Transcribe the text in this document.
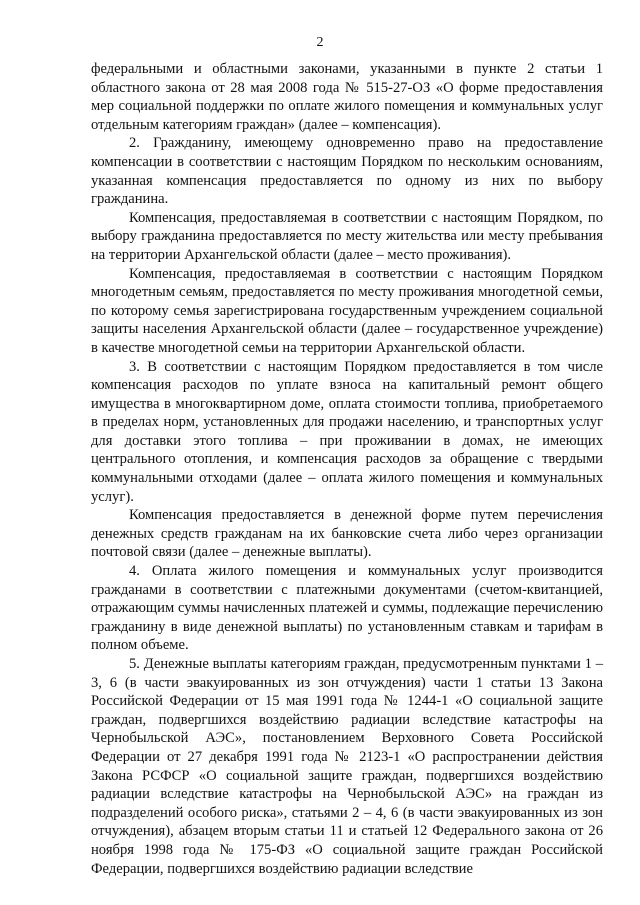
2

федеральными и областными законами, указанными в пункте 2 статьи 1 областного закона от 28 мая 2008 года № 515-27-ОЗ «О форме предоставления мер социальной поддержки по оплате жилого помещения и коммунальных услуг отдельным категориям граждан» (далее – компенсация).

2. Гражданину, имеющему одновременно право на предоставление компенсации в соответствии с настоящим Порядком по нескольким основаниям, указанная компенсация предоставляется по одному из них по выбору гражданина.

Компенсация, предоставляемая в соответствии с настоящим Порядком, по выбору гражданина предоставляется по месту жительства или месту пребывания на территории Архангельской области (далее – место проживания).

Компенсация, предоставляемая в соответствии с настоящим Порядком многодетным семьям, предоставляется по месту проживания многодетной семьи, по которому семья зарегистрирована государственным учреждением социальной защиты населения Архангельской области (далее – государственное учреждение) в качестве многодетной семьи на территории Архангельской области.

3. В соответствии с настоящим Порядком предоставляется в том числе компенсация расходов по уплате взноса на капитальный ремонт общего имущества в многоквартирном доме, оплата стоимости топлива, приобретаемого в пределах норм, установленных для продажи населению, и транспортных услуг для доставки этого топлива – при проживании в домах, не имеющих центрального отопления, и компенсация расходов за обращение с твердыми коммунальными отходами (далее – оплата жилого помещения и коммунальных услуг).

Компенсация предоставляется в денежной форме путем перечисления денежных средств гражданам на их банковские счета либо через организации почтовой связи (далее – денежные выплаты).

4. Оплата жилого помещения и коммунальных услуг производится гражданами в соответствии с платежными документами (счетом-квитанцией, отражающим суммы начисленных платежей и суммы, подлежащие перечислению гражданину в виде денежной выплаты) по установленным ставкам и тарифам в полном объеме.

5. Денежные выплаты категориям граждан, предусмотренным пунктами 1 – 3, 6 (в части эвакуированных из зон отчуждения) части 1 статьи 13 Закона Российской Федерации от 15 мая 1991 года № 1244-1 «О социальной защите граждан, подвергшихся воздействию радиации вследствие катастрофы на Чернобыльской АЭС», постановлением Верховного Совета Российской Федерации от 27 декабря 1991 года № 2123-1 «О распространении действия Закона РСФСР «О социальной защите граждан, подвергшихся воздействию радиации вследствие катастрофы на Чернобыльской АЭС» на граждан из подразделений особого риска», статьями 2 – 4, 6 (в части эвакуированных из зон отчуждения), абзацем вторым статьи 11 и статьей 12 Федерального закона от 26 ноября 1998 года № 175-ФЗ «О социальной защите граждан Российской Федерации, подвергшихся воздействию радиации вследствие
